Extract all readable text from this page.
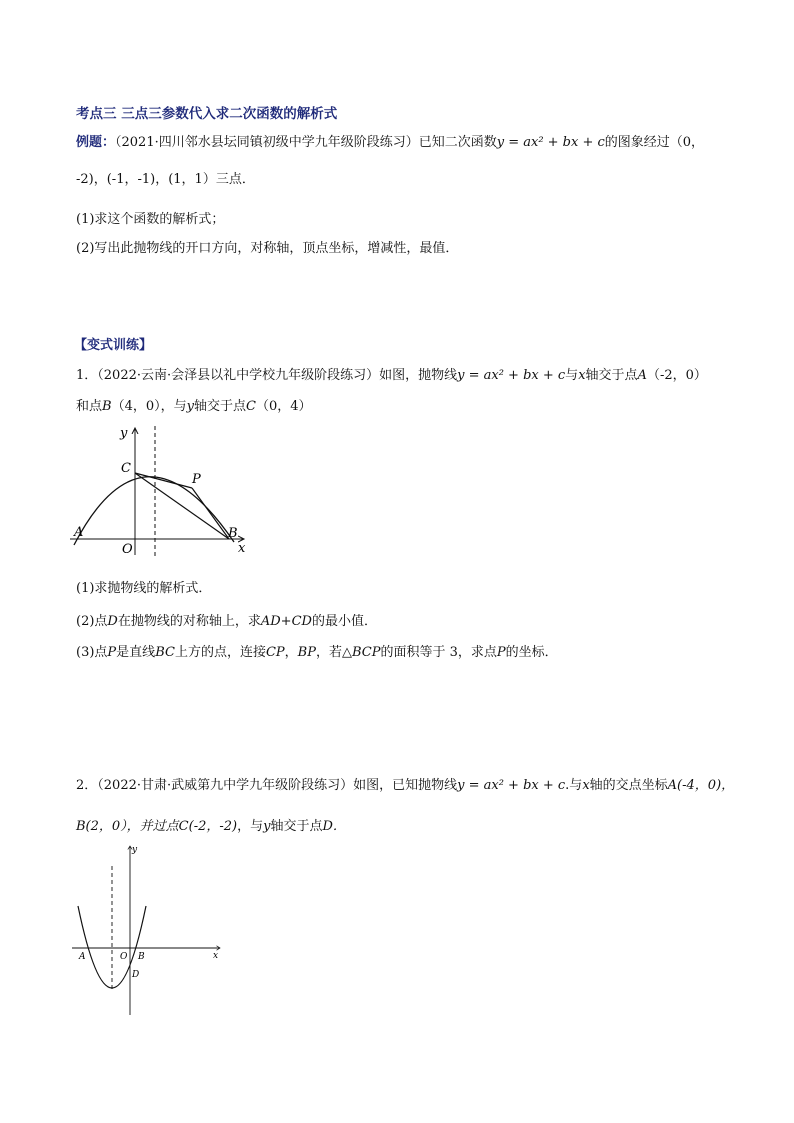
考点三 三点三参数代入求二次函数的解析式
例题：（2021·四川邻水县坛同镇初级中学九年级阶段练习）已知二次函数y = ax² + bx + c的图象经过（0，
-2)，(-1，-1)，(1，1）三点．
(1)求这个函数的解析式；
(2)写出此抛物线的开口方向，对称轴，顶点坐标，增减性，最值．
【变式训练】
1．（2022·云南·会泽县以礼中学校九年级阶段练习）如图，抛物线y = ax² + bx + c与x轴交于点A（-2，0）
和点B（4，0），与y轴交于点C（0，4）
y
C
P
A
O
B
x
(1)求抛物线的解析式．
(2)点D在抛物线的对称轴上，求AD+CD的最小值．
(3)点P是直线BC上方的点，连接CP，BP，若△BCP的面积等于 3，求点P的坐标．
2．（2022·甘肃·武威第九中学九年级阶段练习）如图，已知抛物线y = ax² + bx + c.与x轴的交点坐标A(-4，0)，
B(2，0），并过点C(-2，-2)，与y轴交于点D．
y
A	O B
D
x
